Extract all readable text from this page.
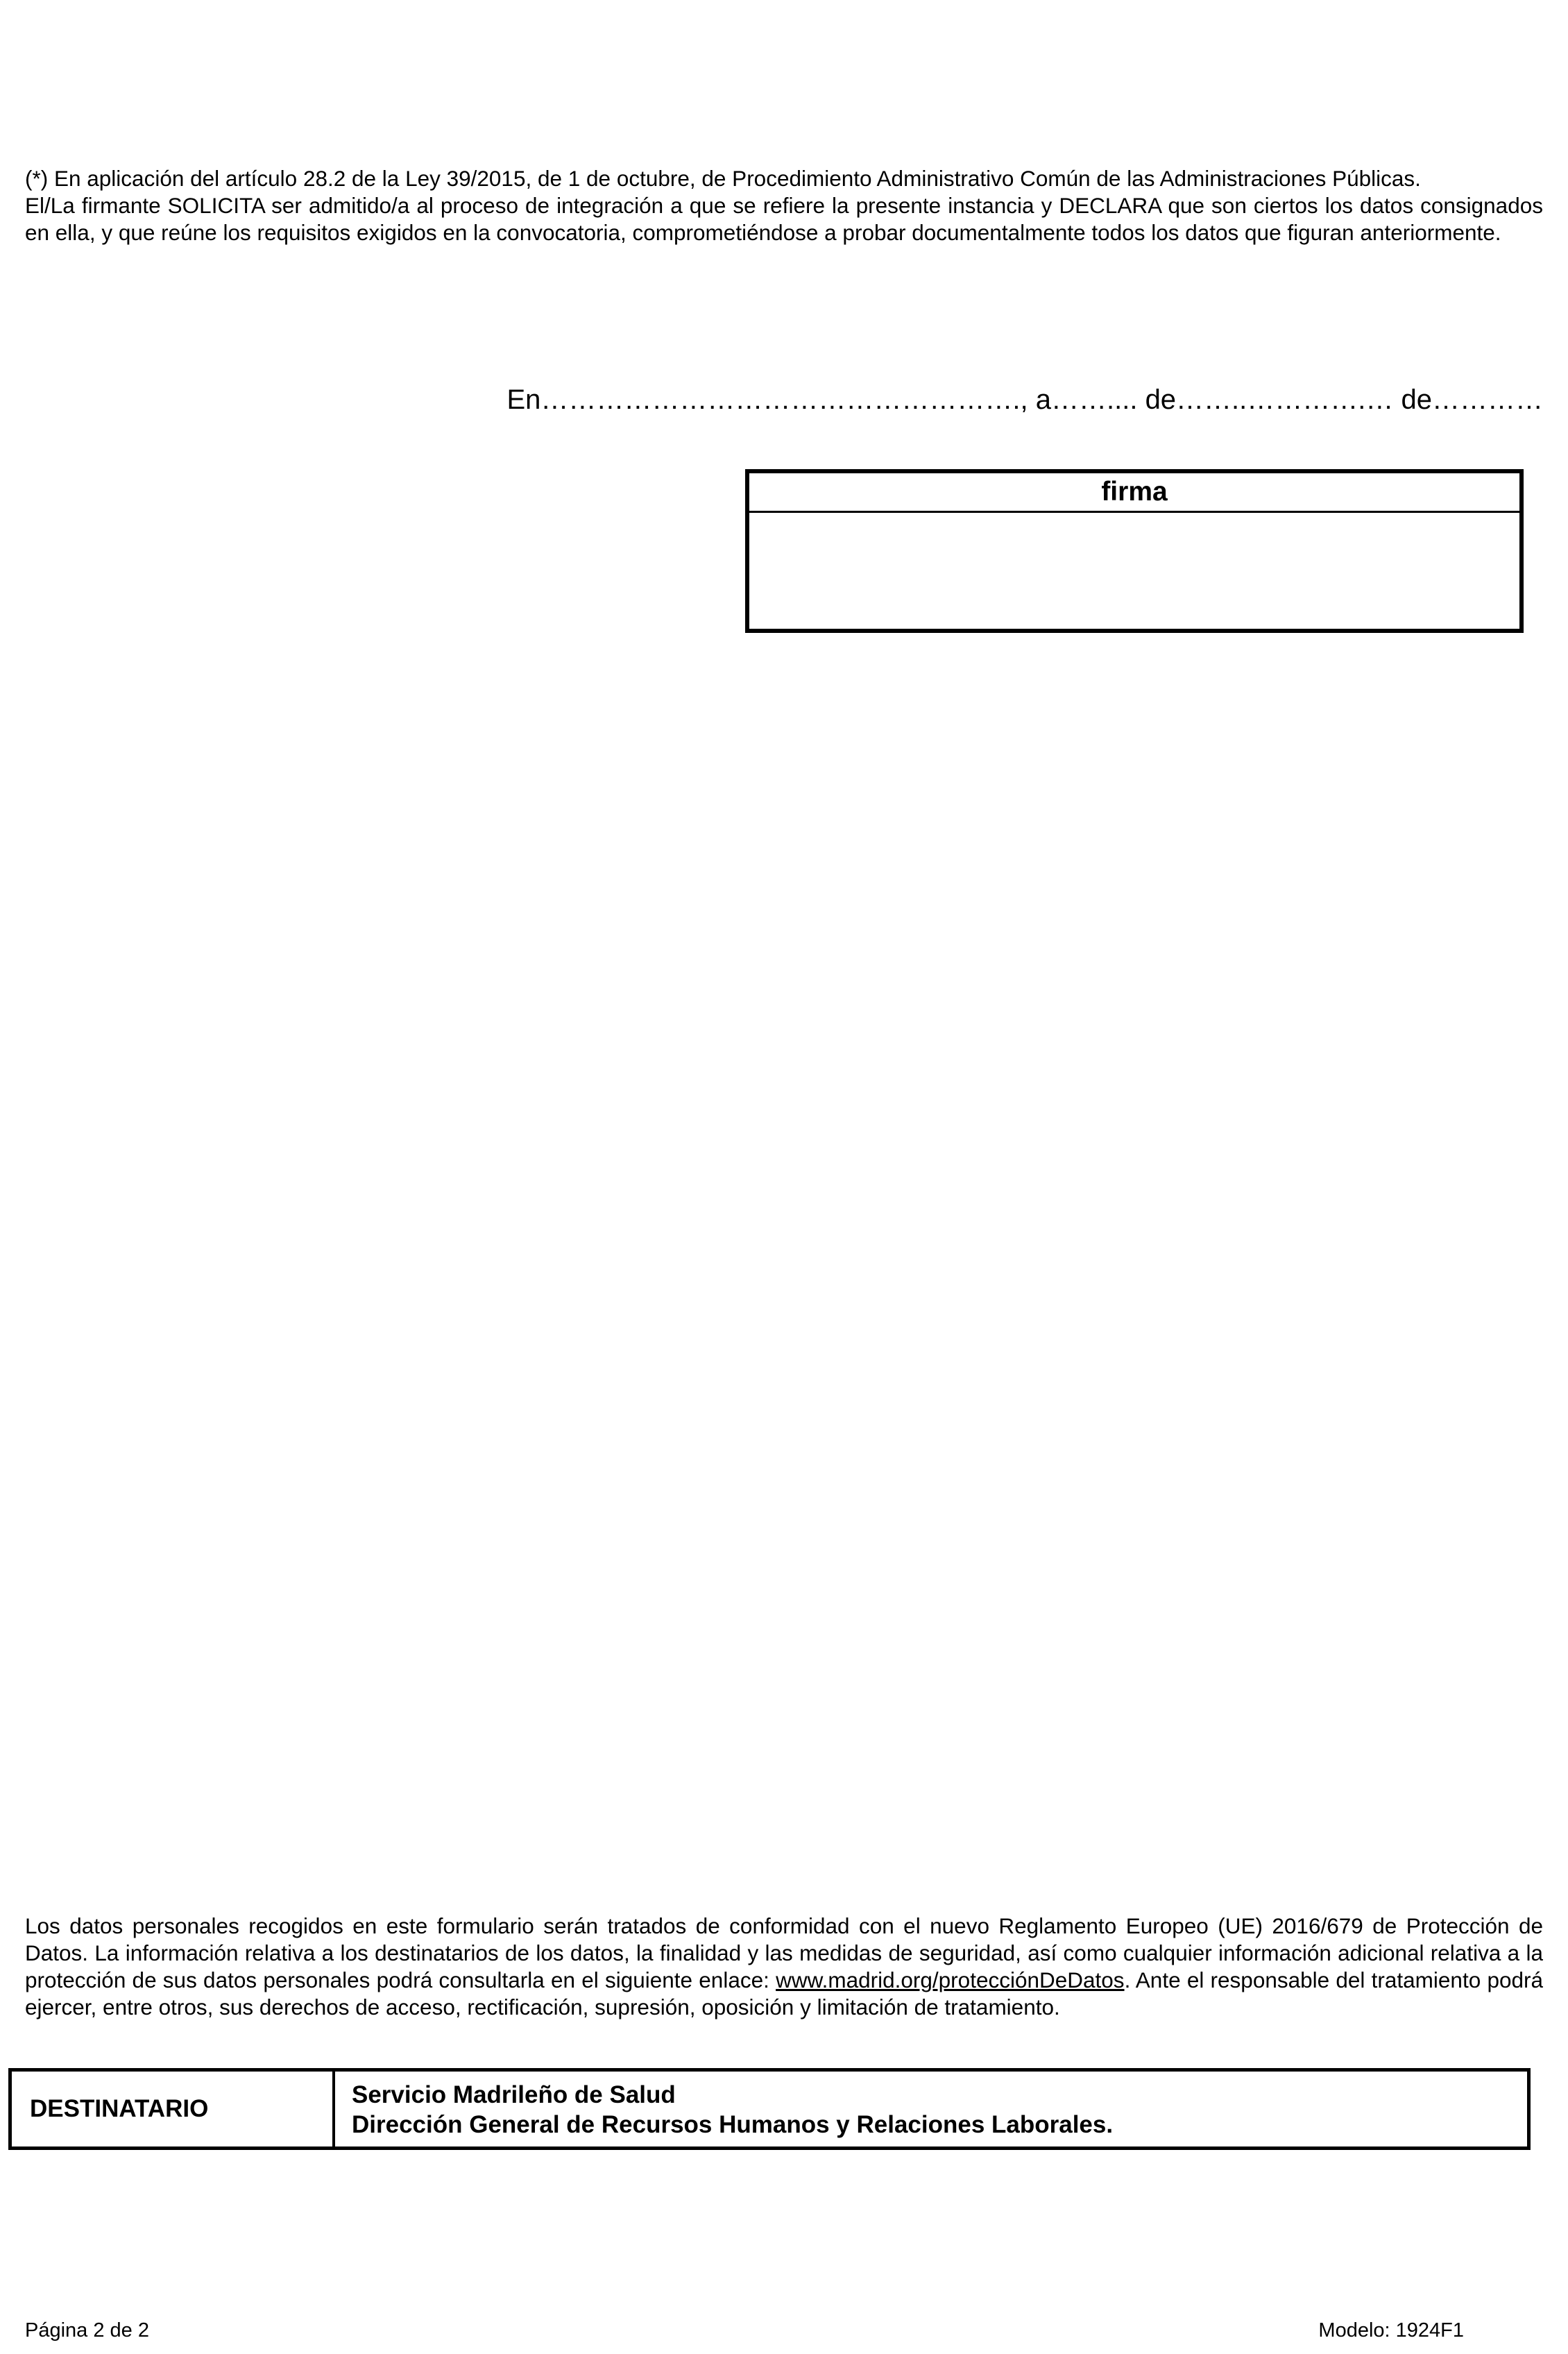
(*) En aplicación del artículo 28.2 de la Ley 39/2015, de 1 de octubre, de Procedimiento Administrativo Común de las Administraciones Públicas.
El/La firmante SOLICITA ser admitido/a al proceso de integración a que se refiere la presente instancia y DECLARA que son ciertos los datos consignados en ella, y que reúne los requisitos exigidos en la convocatoria, comprometiéndose a probar documentalmente todos los datos que figuran anteriormente.
En……………………………………………., a…….... de……..………….… de…………
firma
Los datos personales recogidos en este formulario serán tratados de conformidad con el nuevo Reglamento Europeo (UE) 2016/679 de Protección de Datos. La información relativa a los destinatarios de los datos, la finalidad y las medidas de seguridad, así como cualquier información adicional relativa a la protección de sus datos personales podrá consultarla en el siguiente enlace: www.madrid.org/protecciónDeDatos. Ante el responsable del tratamiento podrá ejercer, entre otros, sus derechos de acceso, rectificación, supresión, oposición y limitación de tratamiento.
DESTINATARIO
Servicio Madrileño de Salud
Dirección General de Recursos Humanos y Relaciones Laborales.
Página 2 de 2	Modelo: 1924F1
